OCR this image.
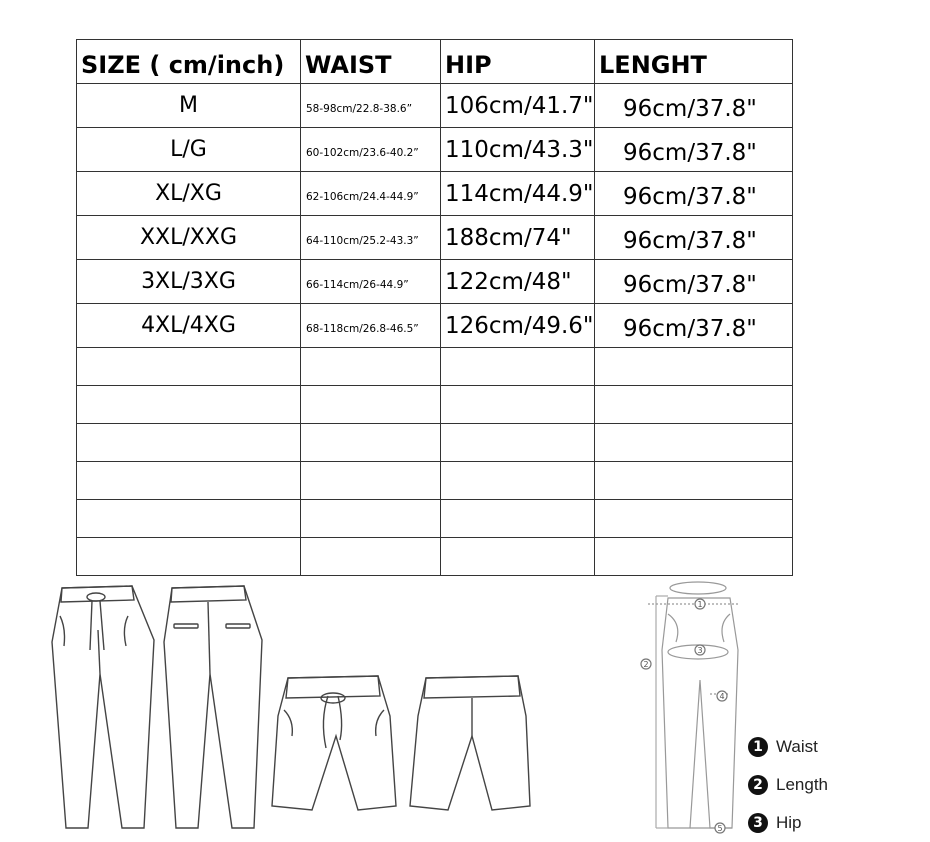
SIZE ( cm/inch)	WAIST	HIP	LENGHT
M	58-98cm/22.8-38.6”	106cm/41.7"	96cm/37.8"
L/G	60-102cm/23.6-40.2”	110cm/43.3"	96cm/37.8"
XL/XG	62-106cm/24.4-44.9”	114cm/44.9"	96cm/37.8"
XXL/XXG	64-110cm/25.2-43.3”	188cm/74"	96cm/37.8"
3XL/3XG	66-114cm/26-44.9”	122cm/48"	96cm/37.8"
4XL/4XG	68-118cm/26.8-46.5”	126cm/49.6"	96cm/37.8"

1
2
3
4
5
1 Waist
2 Length
3 Hip
